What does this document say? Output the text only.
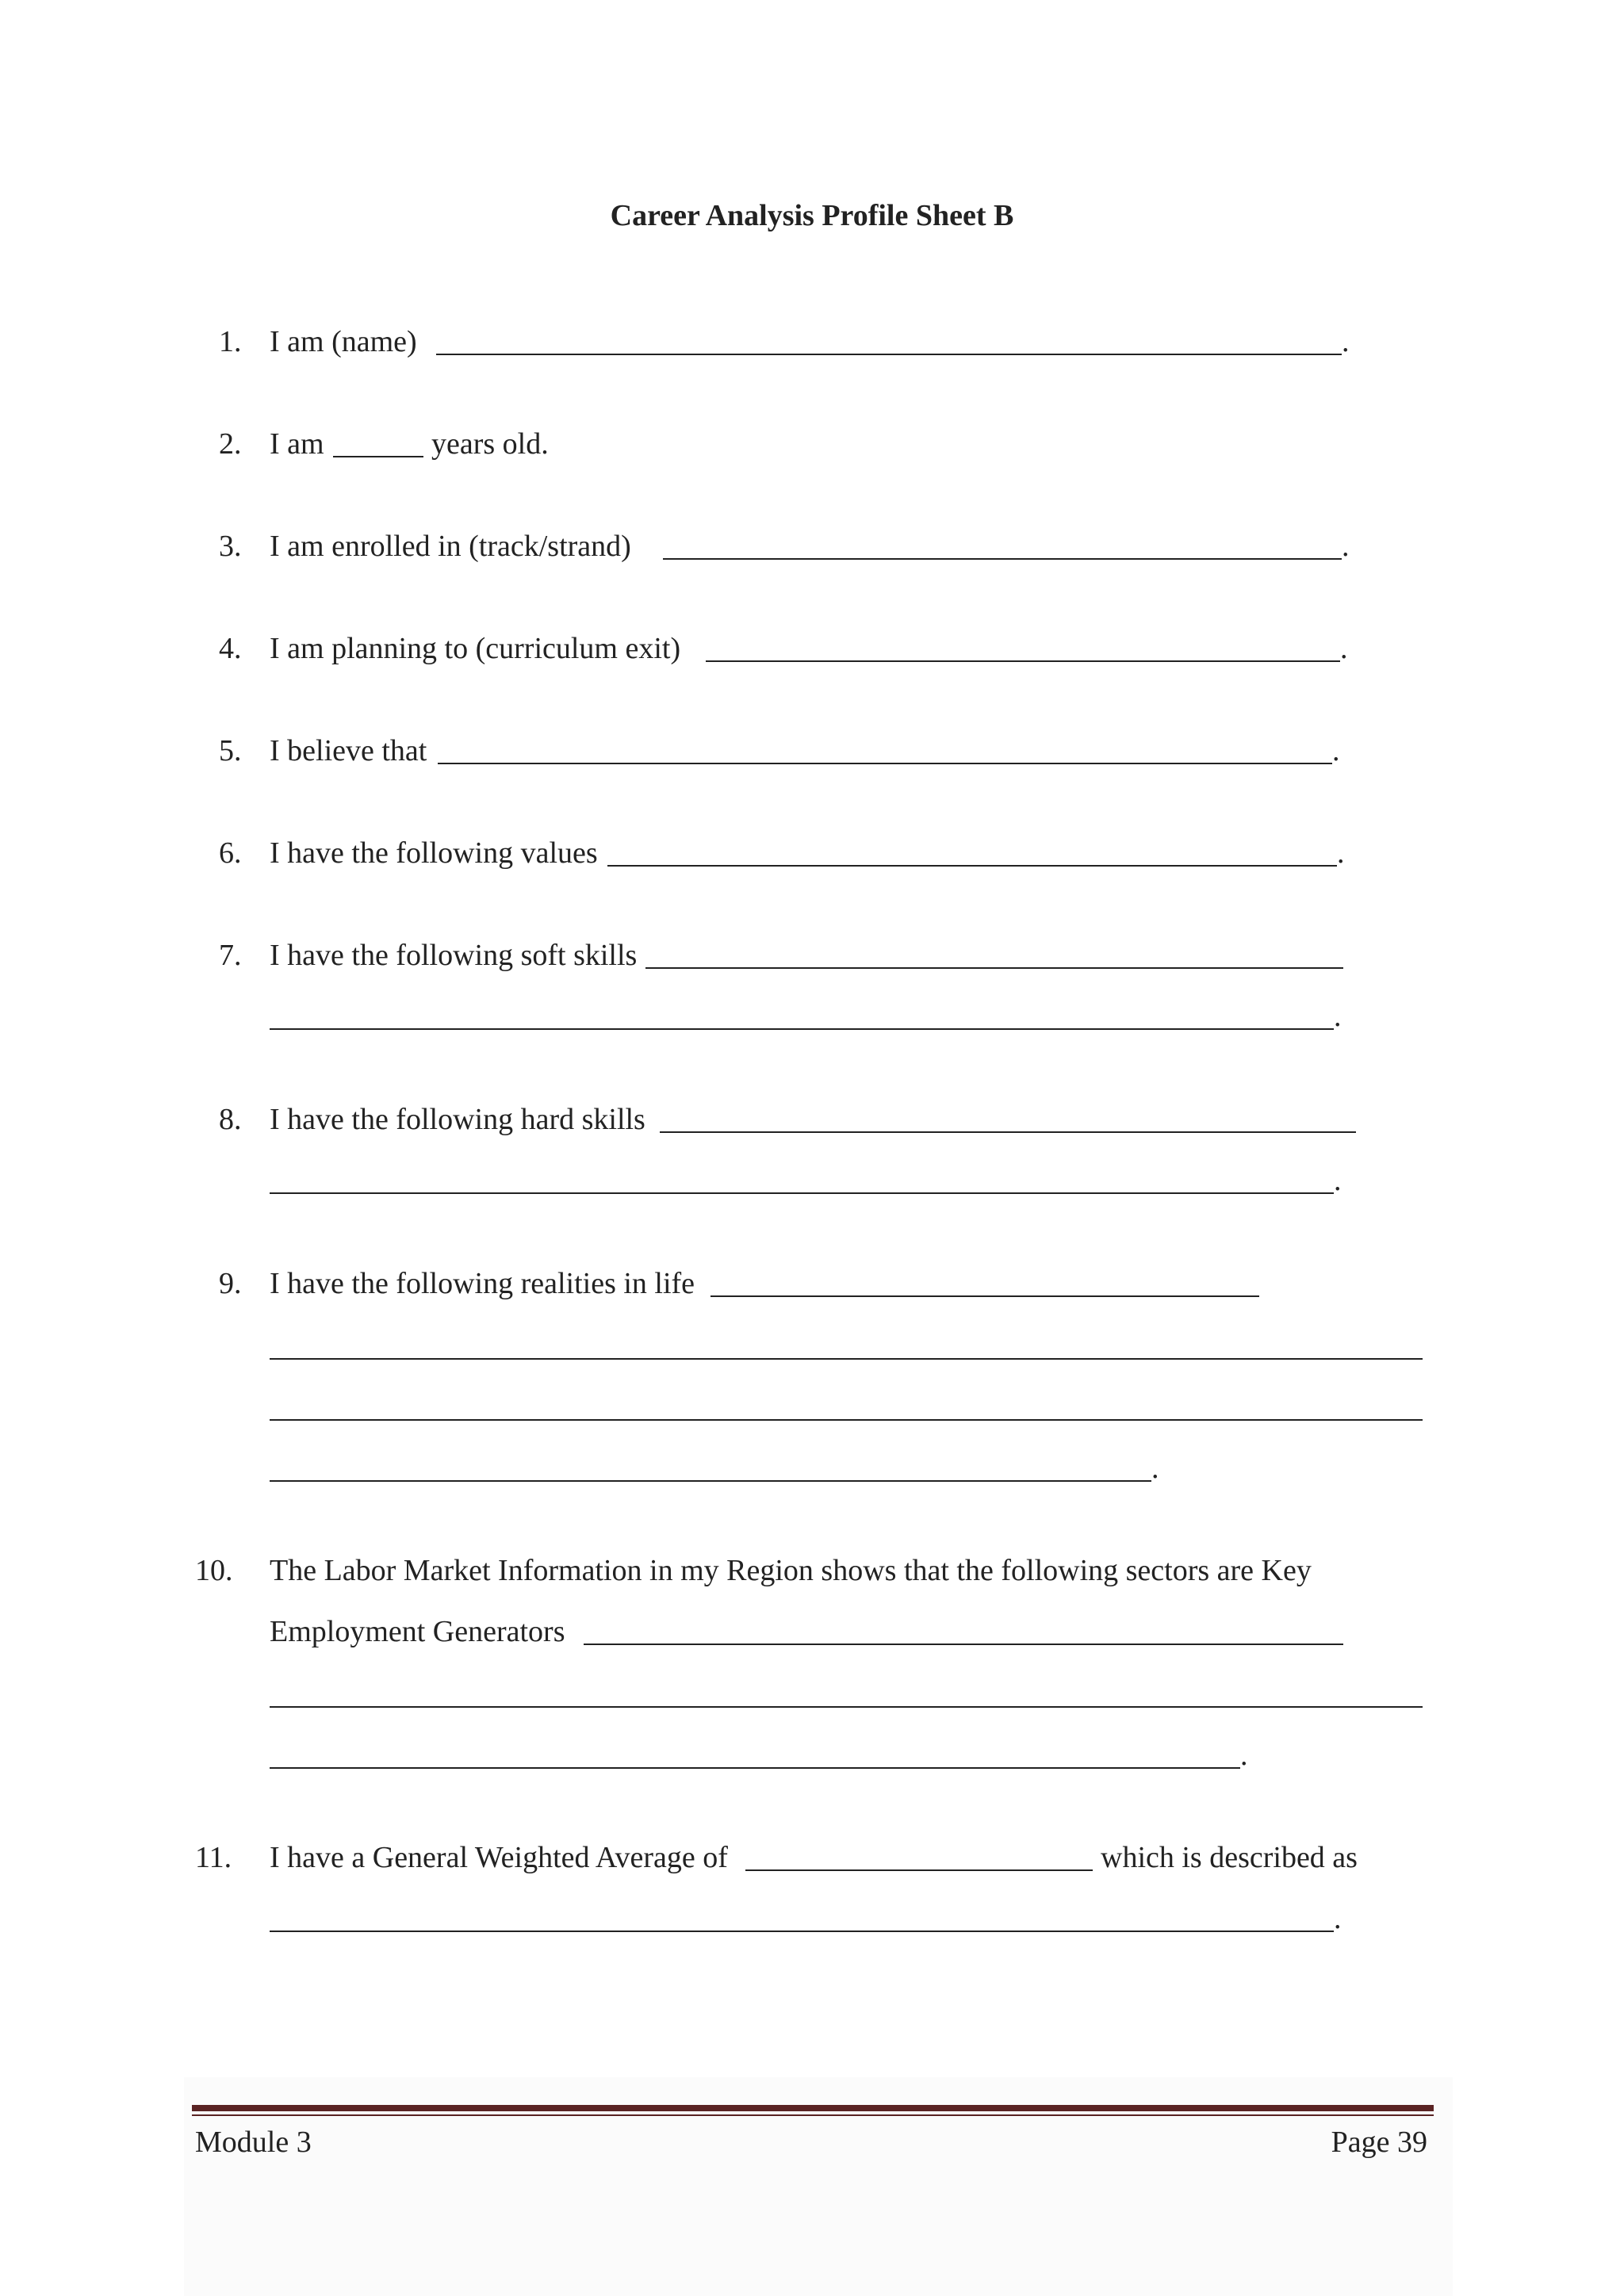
Career Analysis Profile Sheet B
1. I am (name)	.
2. I am	years old.
3. I am enrolled in (track/strand)	.
4. I am planning to (curriculum exit)	.
5. I believe that	.
6. I have the following values	.
7. I have the following soft skills
.
8. I have the following hard skills
.
9. I have the following realities in life
.
10. The Labor Market Information in my Region shows that the following sectors are Key
Employment Generators
.
11. I have a General Weighted Average of	which is described as
.
Module 3	Page 39
